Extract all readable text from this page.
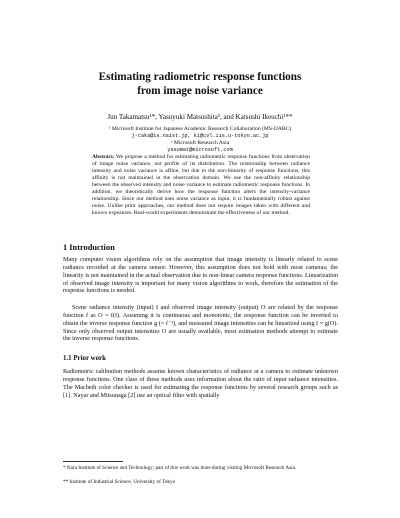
Estimating radiometric response functions
from image noise variance
Jun Takamatsu¹*, Yasuyuki Matsushita², and Katsushi Ikeuchi¹**
¹ Microsoft Institute for Japanese Academic Research Collaboration (MS-IJARC)
j-taka@is.naist.jp, ki@cvl.iis.u-tokyo.ac.jp
² Microsoft Research Asia
yasumat@microsoft.com
Abstract. We propose a method for estimating radiometric response functions from observation of image noise variance, not profile of its distribution. The relationship between radiance intensity and noise variance is affine, but due to the non-linearity of response functions, this affinity is not maintained in the observation domain. We use the non-affinity relationship between the observed intensity and noise variance to estimate radiometric response functions. In addition, we theoretically derive how the response function alters the intensity-variance relationship. Since our method uses noise variance as input, it is fundamentally robust against noise. Unlike prior approaches, our method does not require images taken with different and known exposures. Real-world experiments demonstrate the effectiveness of our method.
1 Introduction
Many computer vision algorithms rely on the assumption that image intensity is linearly related to scene radiance recorded at the camera sensor. However, this assumption does not hold with most cameras; the linearity is not maintained in the actual observation due to non-linear camera response functions. Linearization of observed image intensity is important for many vision algorithms to work, therefore the estimation of the response functions is needed.
Scene radiance intensity (input) I and observed image intensity (output) O are related by the response function f as O = f(I). Assuming it is continuous and monotonic, the response function can be inverted to obtain the inverse response function g (= f⁻¹), and measured image intensities can be linearized using I = g(O). Since only observed output intensities O are usually available, most estimation methods attempt to estimate the inverse response functions.
1.1 Prior work
Radiometric calibration methods assume known characteristics of radiance at a camera to estimate unknown response functions. One class of these methods uses information about the ratio of input radiance intensities. The Macbeth color checker is used for estimating the response functions by several research groups such as [1]. Nayar and Mitsunaga [2] use an optical filter with spatially
* Nara Institute of Science and Technology; part of this work was done during visiting Microsoft Research Asia.
** Institute of Industrial Science, University of Tokyo
